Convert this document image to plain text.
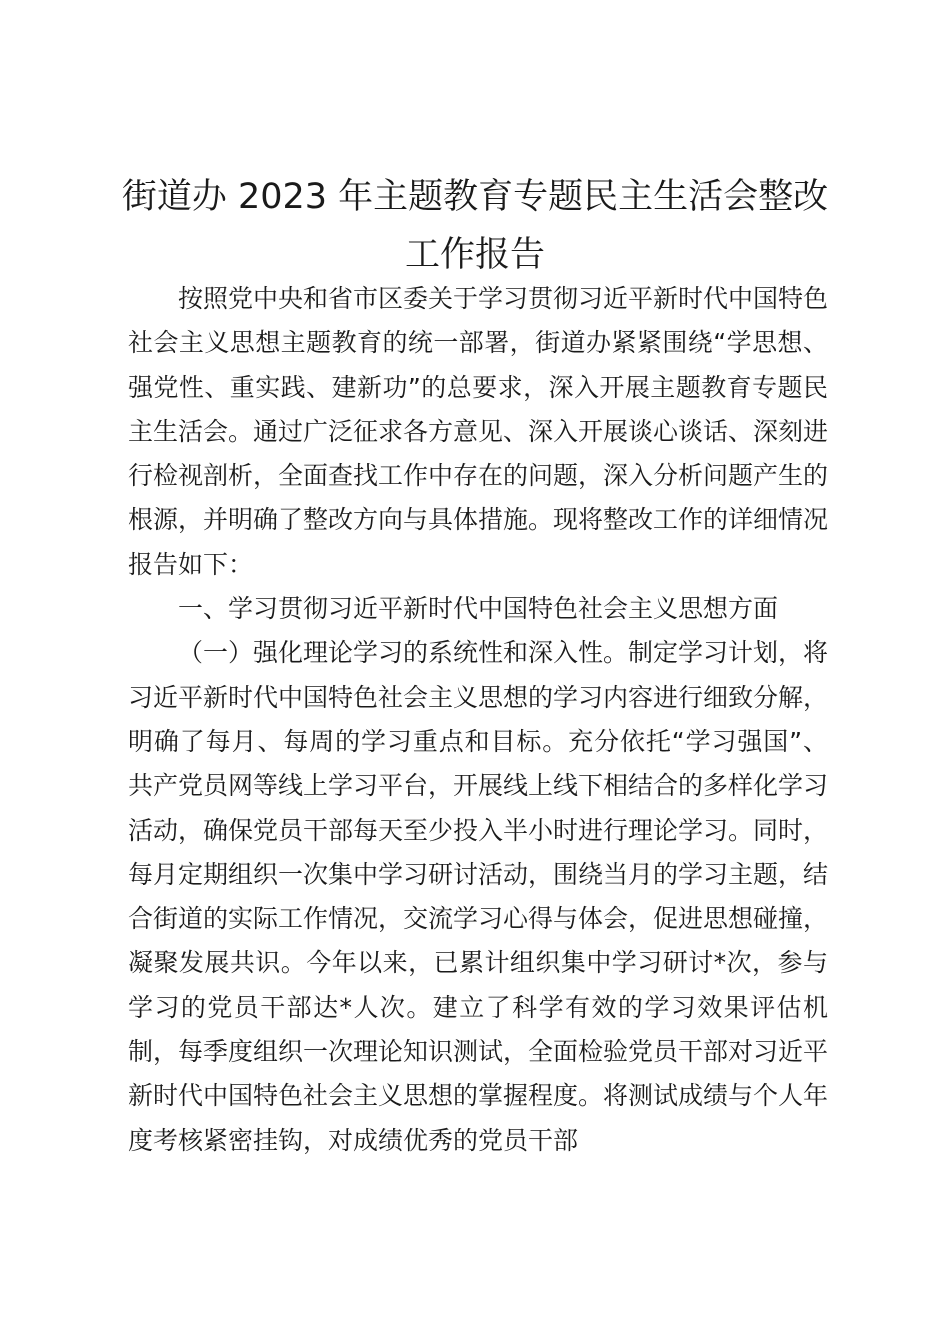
街道办 2023 年主题教育专题民主生活会整改
工作报告

按照党中央和省市区委关于学习贯彻习近平新时代中国特色社会主义思想主题教育的统一部署，街道办紧紧围绕“学思想、强党性、重实践、建新功”的总要求，深入开展主题教育专题民主生活会。通过广泛征求各方意见、深入开展谈心谈话、深刻进行检视剖析，全面查找工作中存在的问题，深入分析问题产生的根源，并明确了整改方向与具体措施。现将整改工作的详细情况报告如下：

一、学习贯彻习近平新时代中国特色社会主义思想方面

（一）强化理论学习的系统性和深入性。制定学习计划，将习近平新时代中国特色社会主义思想的学习内容进行细致分解，明确了每月、每周的学习重点和目标。充分依托“学习强国”、共产党员网等线上学习平台，开展线上线下相结合的多样化学习活动，确保党员干部每天至少投入半小时进行理论学习。同时，每月定期组织一次集中学习研讨活动，围绕当月的学习主题，结合街道的实际工作情况，交流学习心得与体会，促进思想碰撞，凝聚发展共识。今年以来，已累计组织集中学习研讨*次，参与学习的党员干部达*人次。建立了科学有效的学习效果评估机制，每季度组织一次理论知识测试，全面检验党员干部对习近平新时代中国特色社会主义思想的掌握程度。将测试成绩与个人年度考核紧密挂钩，对成绩优秀的党员干部
